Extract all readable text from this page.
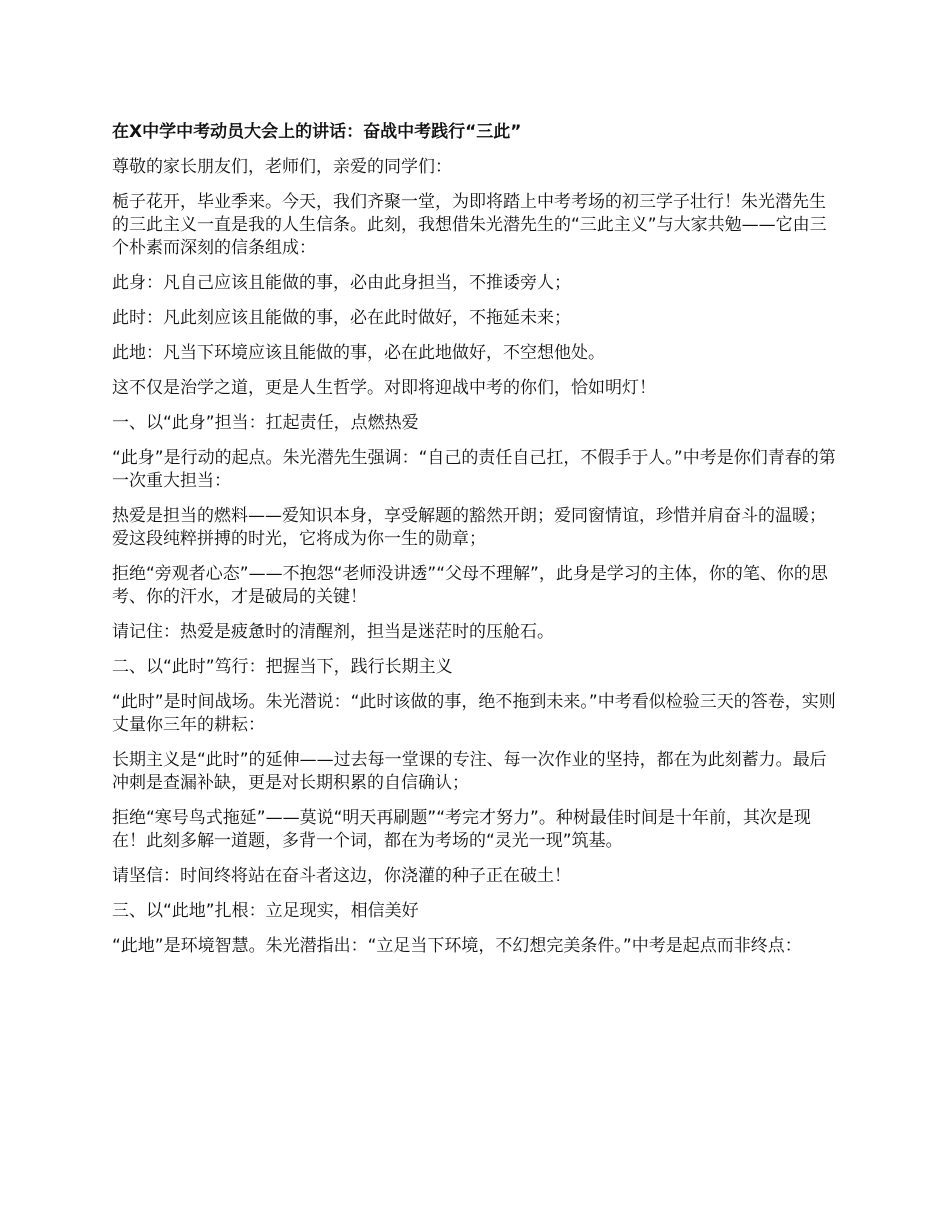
在X中学中考动员大会上的讲话：奋战中考践行“三此”
尊敬的家长朋友们，老师们，亲爱的同学们：
栀子花开，毕业季来。今天，我们齐聚一堂，为即将踏上中考考场的初三学子壮行！朱光潜先生的三此主义一直是我的人生信条。此刻，我想借朱光潜先生的“三此主义”与大家共勉——它由三个朴素而深刻的信条组成：
此身：凡自己应该且能做的事，必由此身担当，不推诿旁人；
此时：凡此刻应该且能做的事，必在此时做好，不拖延未来；
此地：凡当下环境应该且能做的事，必在此地做好，不空想他处。
这不仅是治学之道，更是人生哲学。对即将迎战中考的你们，恰如明灯！
一、以“此身”担当：扛起责任，点燃热爱
“此身”是行动的起点。朱光潜先生强调：“自己的责任自己扛，不假手于人。”中考是你们青春的第一次重大担当：
热爱是担当的燃料——爱知识本身，享受解题的豁然开朗；爱同窗情谊，珍惜并肩奋斗的温暖；爱这段纯粹拼搏的时光，它将成为你一生的勋章；
拒绝“旁观者心态”——不抱怨“老师没讲透”“父母不理解”，此身是学习的主体，你的笔、你的思考、你的汗水，才是破局的关键！
请记住：热爱是疲惫时的清醒剂，担当是迷茫时的压舱石。
二、以“此时”笃行：把握当下，践行长期主义
“此时”是时间战场。朱光潜说：“此时该做的事，绝不拖到未来。”中考看似检验三天的答卷，实则丈量你三年的耕耘：
长期主义是“此时”的延伸——过去每一堂课的专注、每一次作业的坚持，都在为此刻蓄力。最后冲刺是查漏补缺，更是对长期积累的自信确认；
拒绝“寒号鸟式拖延”——莫说“明天再刷题”“考完才努力”。种树最佳时间是十年前，其次是现在！此刻多解一道题，多背一个词，都在为考场的“灵光一现”筑基。
请坚信：时间终将站在奋斗者这边，你浇灌的种子正在破土！
三、以“此地”扎根：立足现实，相信美好
“此地”是环境智慧。朱光潜指出：“立足当下环境，不幻想完美条件。”中考是起点而非终点：
